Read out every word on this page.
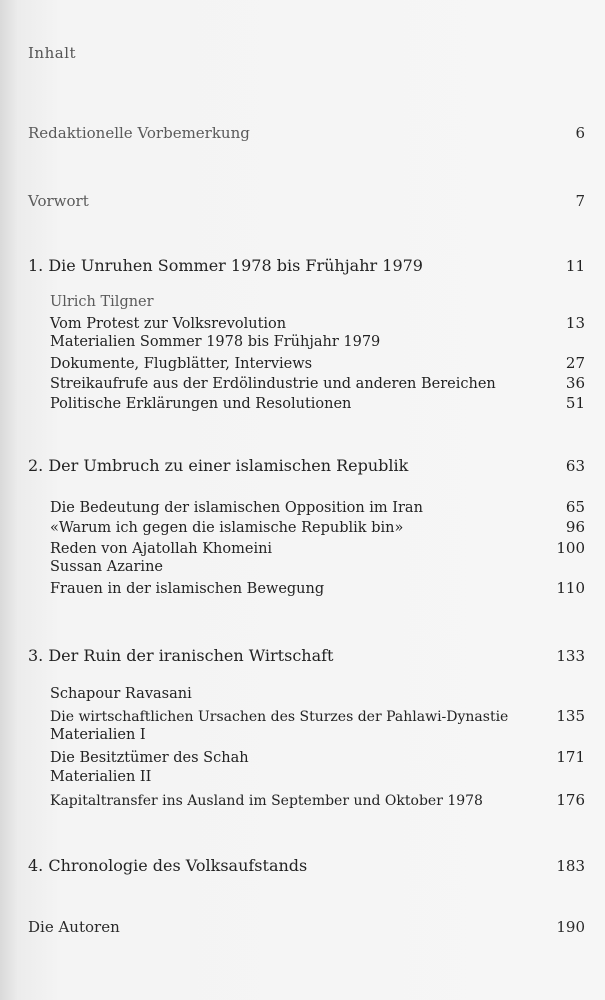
Inhalt
Redaktionelle Vorbemerkung	6
Vorwort	7
1. Die Unruhen Sommer 1978 bis Frühjahr 1979	11
Ulrich Tilgner
Vom Protest zur Volksrevolution	13
Materialien Sommer 1978 bis Frühjahr 1979
Dokumente, Flugblätter, Interviews	27
Streikaufrufe aus der Erdölindustrie und anderen Bereichen	36
Politische Erklärungen und Resolutionen	51
2. Der Umbruch zu einer islamischen Republik	63
Die Bedeutung der islamischen Opposition im Iran	65
«Warum ich gegen die islamische Republik bin»	96
Reden von Ajatollah Khomeini	100
Sussan Azarine
Frauen in der islamischen Bewegung	110
3. Der Ruin der iranischen Wirtschaft	133
Schapour Ravasani
Die wirtschaftlichen Ursachen des Sturzes der Pahlawi-Dynastie	135
Materialien I
Die Besitztümer des Schah	171
Materialien II
Kapitaltransfer ins Ausland im September und Oktober 1978	176
4. Chronologie des Volksaufstands	183
Die Autoren	190
